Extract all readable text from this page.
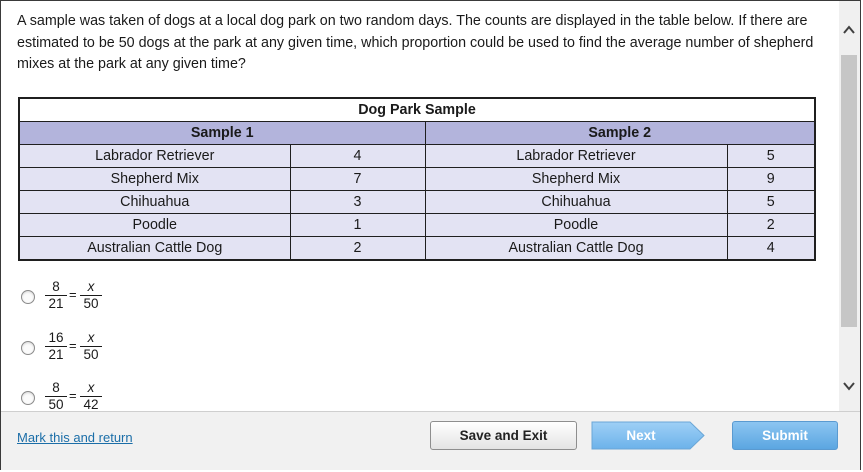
A sample was taken of dogs at a local dog park on two random days. The counts are displayed in the table below. If there are estimated to be 50 dogs at the park at any given time, which proportion could be used to find the average number of shepherd mixes at the park at any given time?

Dog Park Sample			
Sample 1		Sample 2	
Labrador Retriever	4	Labrador Retriever	5
Shepherd Mix	7	Shepherd Mix	9
Chihuahua	3	Chihuahua	5
Poodle	1	Poodle	2
Australian Cattle Dog	2	Australian Cattle Dog	4
8
21
=
x
50
16
21
=
x
50
8
50
=
x
42
Mark this and return	Save and Exit	Next	Submit
